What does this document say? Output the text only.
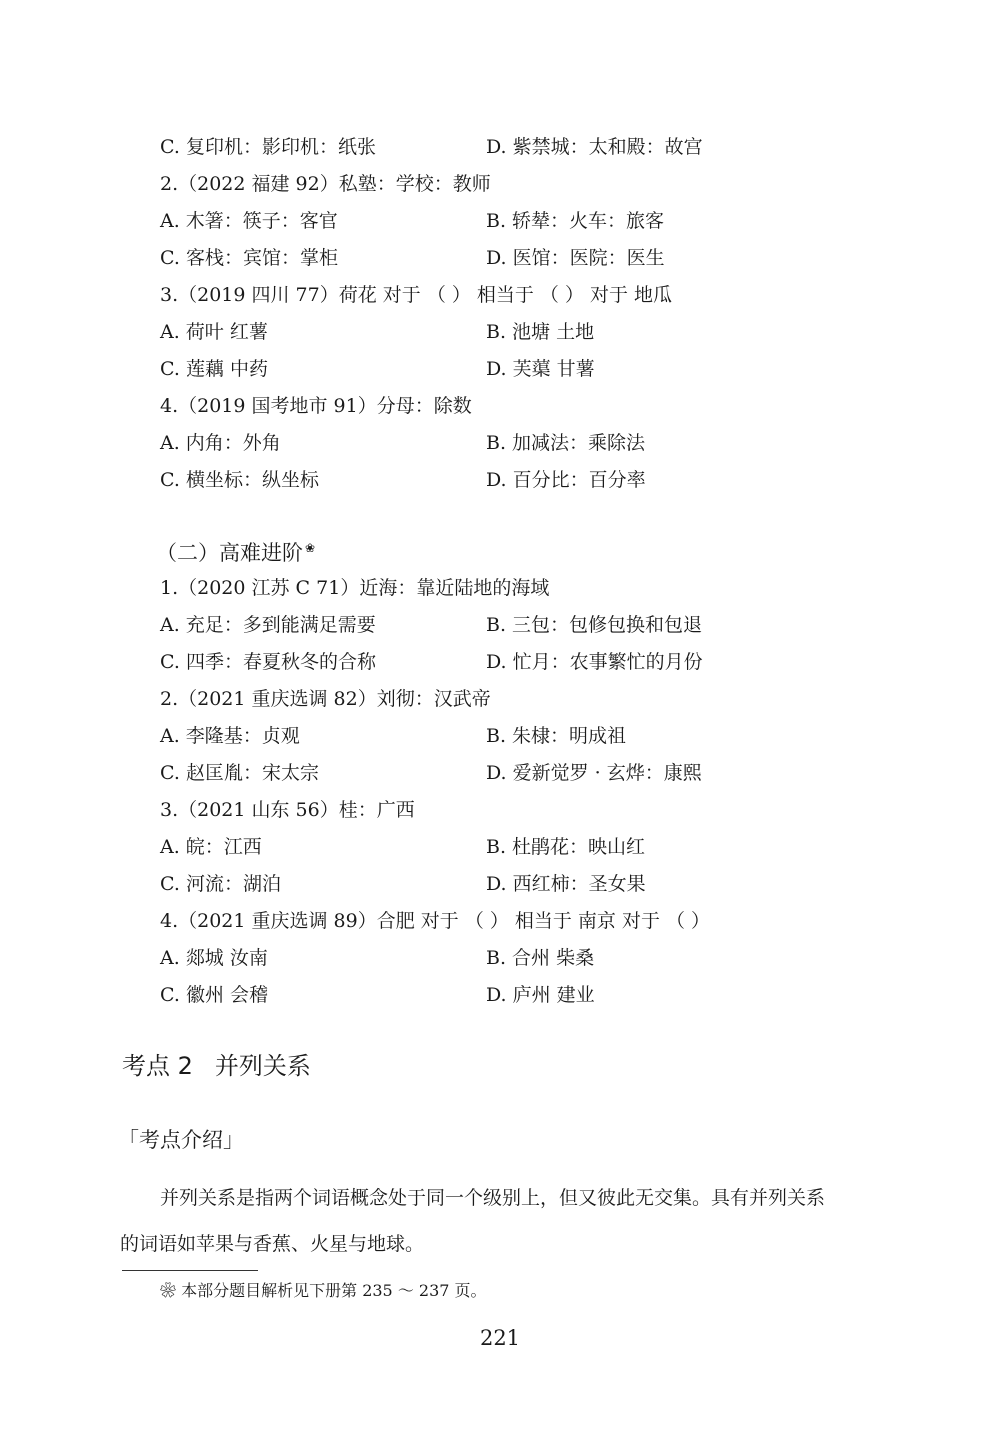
C. 复印机：影印机：纸张	D. 紫禁城：太和殿：故宫
2.（2022 福建 92）私塾：学校：教师
A. 木箸：筷子：客官	B. 轿辇：火车：旅客
C. 客栈：宾馆：掌柜	D. 医馆：医院：医生
3.（2019 四川 77）荷花 对于 （ ） 相当于 （ ） 对于 地瓜
A. 荷叶 红薯	B. 池塘 土地
C. 莲藕 中药	D. 芙蕖 甘薯
4.（2019 国考地市 91）分母：除数
A. 内角：外角	B. 加减法：乘除法
C. 横坐标：纵坐标	D. 百分比：百分率
（二）高难进阶 ❀
1.（2020 江苏 C 71）近海：靠近陆地的海域
A. 充足：多到能满足需要	B. 三包：包修包换和包退
C. 四季：春夏秋冬的合称	D. 忙月：农事繁忙的月份
2.（2021 重庆选调 82）刘彻：汉武帝
A. 李隆基：贞观	B. 朱棣：明成祖
C. 赵匡胤：宋太宗	D. 爱新觉罗 · 玄烨：康熙
3.（2021 山东 56）桂：广西
A. 皖：江西	B. 杜鹃花：映山红
C. 河流：湖泊	D. 西红柿：圣女果
4.（2021 重庆选调 89）合肥 对于 （ ） 相当于 南京 对于 （ ）
A. 郯城 汝南	B. 合州 柴桑
C. 徽州 会稽	D. 庐州 建业
考点 2 并列关系
「考点介绍」
并列关系是指两个词语概念处于同一个级别上，但又彼此无交集。具有并列关系
的词语如苹果与香蕉、火星与地球。
❀ 本部分题目解析见下册第 235 ～ 237 页。
221
